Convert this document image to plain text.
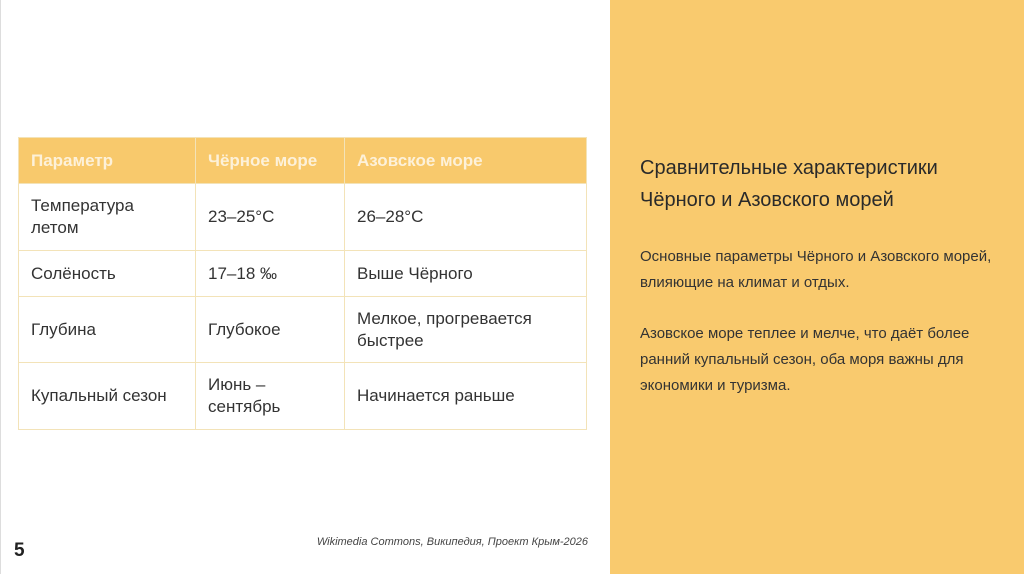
Параметр	Чёрное море	Азовское море
Температура летом	23–25°C	26–28°C
Солёность	17–18 ‰	Выше Чёрного
Глубина	Глубокое	Мелкое, прогревается быстрее
Купальный сезон	Июнь – сентябрь	Начинается раньше
5	Wikimedia Commons, Википедия, Проект Крым-2026
Сравнительные характеристики Чёрного и Азовского морей

Основные параметры Чёрного и Азовского морей, влияющие на климат и отдых.

Азовское море теплее и мелче, что даёт более ранний купальный сезон, оба моря важны для экономики и туризма.
